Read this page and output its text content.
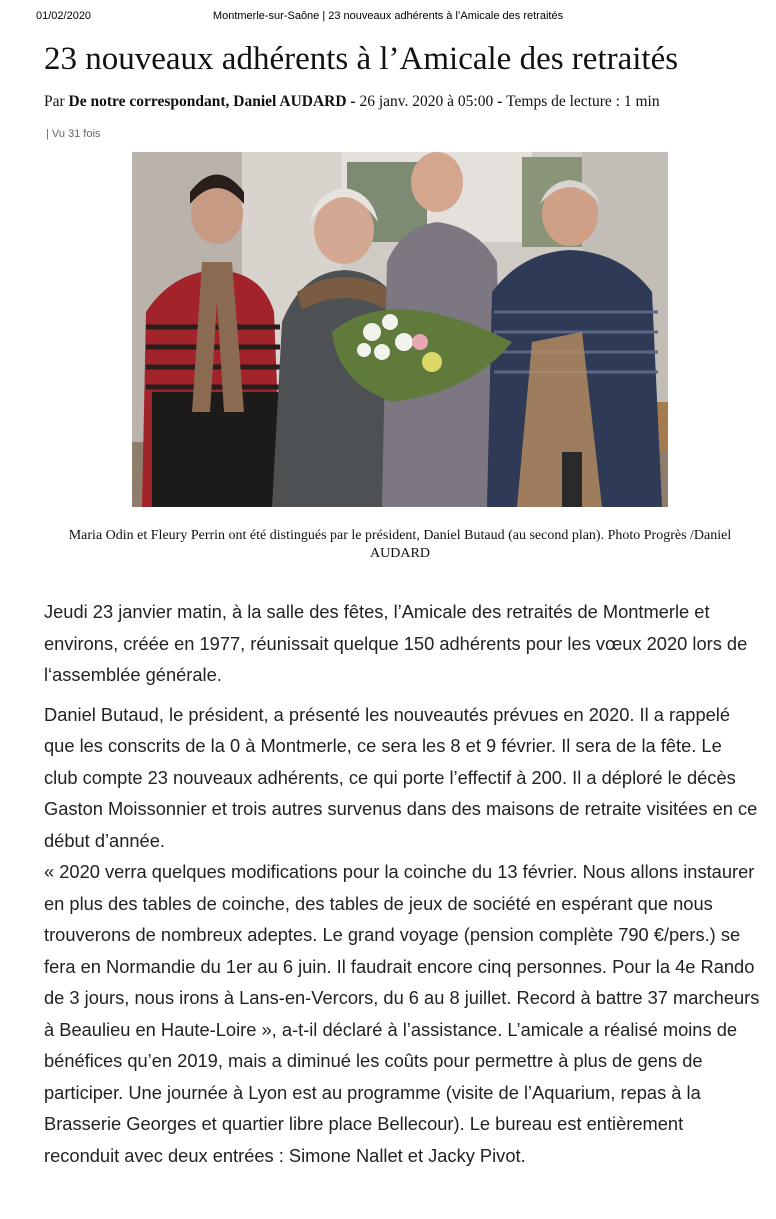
01/02/2020	Montmerle-sur-Saône | 23 nouveaux adhérents à l’Amicale des retraités
23 nouveaux adhérents à l’Amicale des retraités
Par De notre correspondant, Daniel AUDARD - 26 janv. 2020 à 05:00 - Temps de lecture : 1 min
| Vu 31 fois
Maria Odin et Fleury Perrin ont été distingués par le président, Daniel Butaud (au second plan). Photo Progrès /Daniel AUDARD

Jeudi 23 janvier matin, à la salle des fêtes, l’Amicale des retraités de Montmerle et environs, créée en 1977, réunissait quelque 150 adhérents pour les vœux 2020 lors de l‘assemblée générale.

Daniel Butaud, le président, a présenté les nouveautés prévues en 2020. Il a rappelé que les conscrits de la 0 à Montmerle, ce sera les 8 et 9 février. Il sera de la fête. Le club compte 23 nouveaux adhérents, ce qui porte l’effectif à 200. Il a déploré le décès Gaston Moissonnier et trois autres survenus dans des maisons de retraite visitées en ce début d’année.

« 2020 verra quelques modifications pour la coinche du 13 février. Nous allons instaurer en plus des tables de coinche, des tables de jeux de société en espérant que nous trouverons de nombreux adeptes. Le grand voyage (pension complète 790 €/pers.) se fera en Normandie du 1er au 6 juin. Il faudrait encore cinq personnes. Pour la 4e Rando de 3 jours, nous irons à Lans-en-Vercors, du 6 au 8 juillet. Record à battre 37 marcheurs à Beaulieu en Haute-Loire », a-t-il déclaré à l’assistance. L’amicale a réalisé moins de bénéfices qu’en 2019, mais a diminué les coûts pour permettre à plus de gens de participer. Une journée à Lyon est au programme (visite de l’Aquarium, repas à la Brasserie Georges et quartier libre place Bellecour). Le bureau est entièrement reconduit avec deux entrées : Simone Nallet et Jacky Pivot.
